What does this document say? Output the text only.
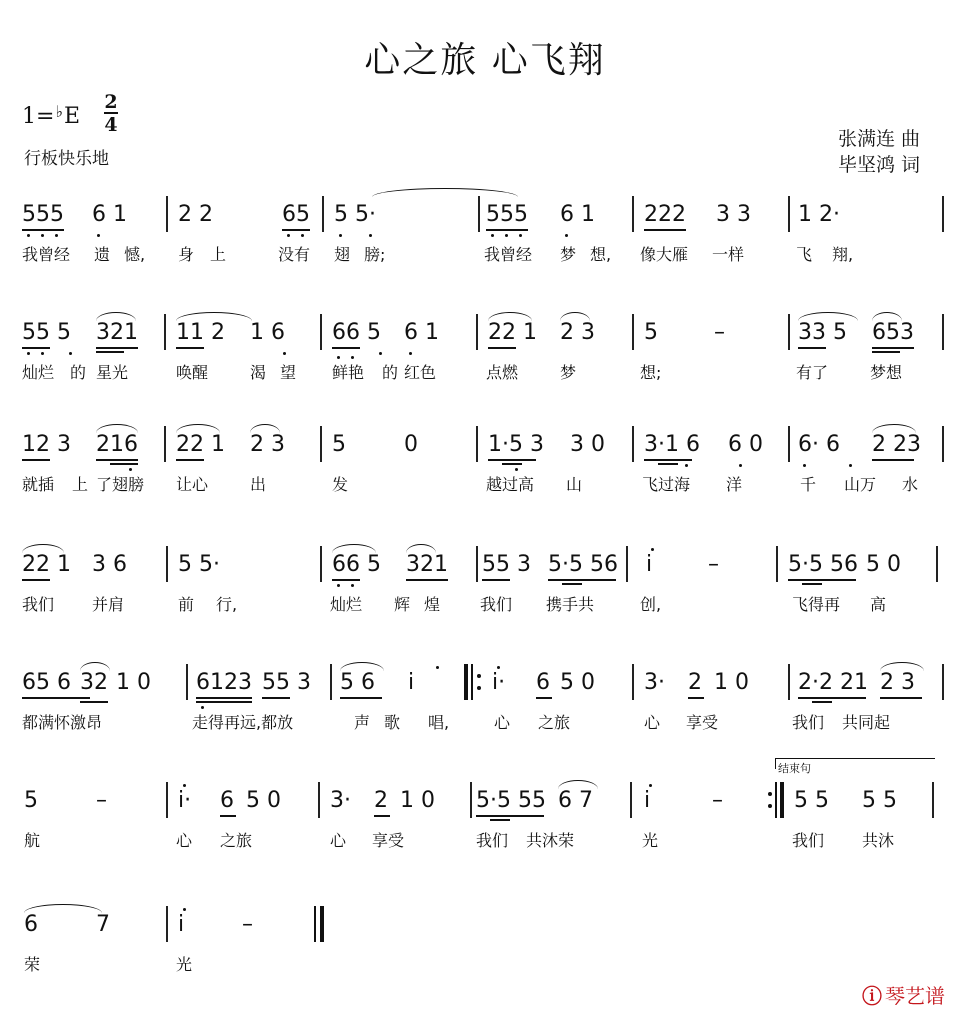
心之旅 心飞翔
1=♭E
2
4
行板快乐地
张满连 曲
毕坚鸿 词
555 6 1 2 2	65 5 5·	555 6 1 222 3 3 1 2·
我曾经 遗 憾, 身 上	没有 翅 膀;	我曾经 梦 想, 像大雁 一样	飞 翔,
55 5 321 11 2 1 6 66 5 6 1 22 1 2 3 5	–	33 5 653
灿烂 的 星光	唤醒	渴 望 鲜艳 的 红色	点燃	梦	想;	有了	梦想
12 3 216 22 1 2 3 5	0	1·5 3 3 0 3·1 6 6 0 6· 6 2 23
就插 上 了翅膀 让心	出	发	越过高 山	飞过海 洋	千 山万 水
22 1 3 6 5 5·	66 5 321 55 3 5·5 56 i	–	5·5 56 5 0
我们 并肩	前 行,	灿烂 辉 煌 我们 携手共	创,	飞得再 高
65 6 32 1 0 6123 55 3 5 6 i	i· 6 5 0 3· 2 1 0 2·2 21 2 3
都满怀激昂	走得再远,都放	声 歌 唱,	心 之旅	心 享受	我们 共同起
结束句
5	–	i· 6 5 0 3· 2 1 0 5·5 55 6 7 i	–	5 5 5 5
航	心 之旅	心 享受	我们 共沐荣	光	我们 共沐
6	7	i	–
荣	光
ⓘ 琴艺谱
